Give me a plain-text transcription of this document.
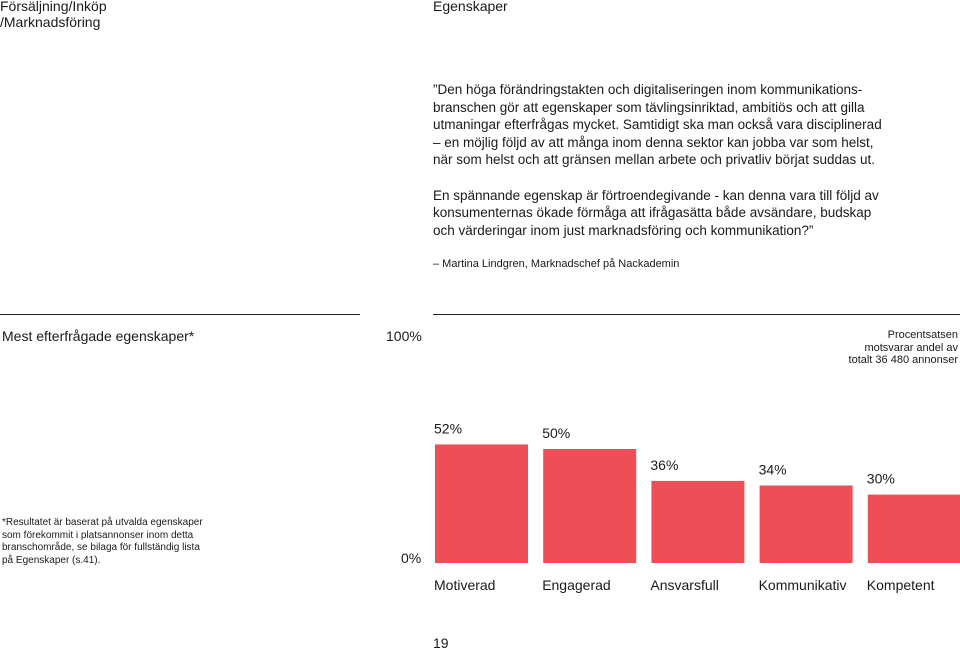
Försäljning/Inköp
/Marknadsföring
Egenskaper

”Den höga förändringstakten och digitaliseringen inom kommunikations-

branschen gör att egenskaper som tävlingsinriktad, ambitiös och att gilla

utmaningar efterfrågas mycket. Samtidigt ska man också vara disciplinerad

– en möjlig följd av att många inom denna sektor kan jobba var som helst,

när som helst och att gränsen mellan arbete och privatliv börjat suddas ut.

En spännande egenskap är förtroendegivande - kan denna vara till följd av

konsumenternas ökade förmåga att ifrågasätta både avsändare, budskap

och värderingar inom just marknadsföring och kommunikation?”

– Martina Lindgren, Marknadschef på Nackademin
Mest efterfrågade egenskaper*	100%	Procentsatsen
motsvarar andel av
totalt 36 480 annonser
*Resultatet är baserat på utvalda egenskaper
som förekommit i platsannonser inom detta
branschområde, se bilaga för fullständig lista
på Egenskaper (s.41).	0%
52%
Motiverad
50%
Engagerad
36%
Ansvarsfull
34%
Kommunikativ
30%
Kompetent
19
